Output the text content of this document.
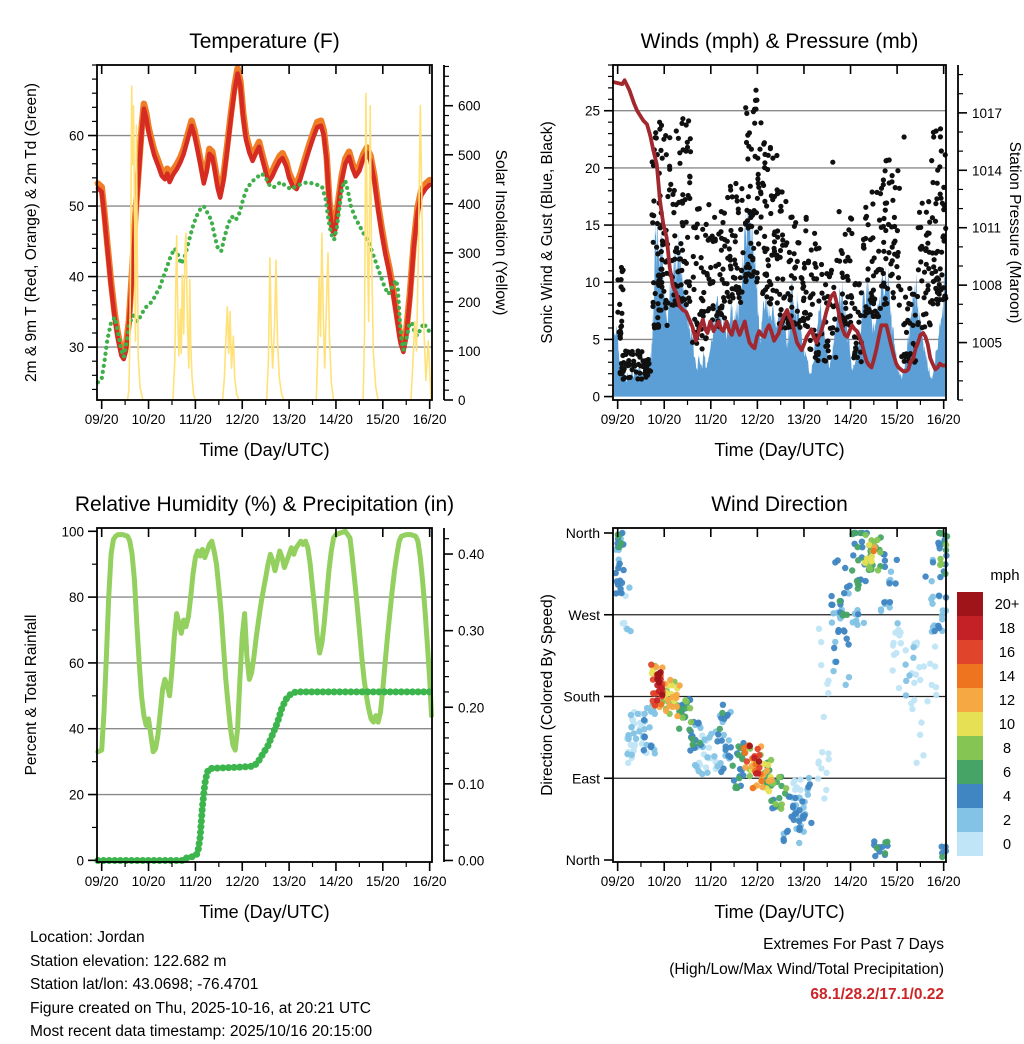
09/20 10/20 11/20 12/20 13/20 14/20 15/20 16/20
Time (Day/UTC)
Temperature (F)
30
40
50
60
2m & 9m T (Red, Orange) & 2m Td (Green)
0
100
200
300
400
500
600
Solar Insolation (Yellow)
09/20 10/20 11/20 12/20 13/20 14/20 15/20 16/20
Time (Day/UTC)
Winds (mph) & Pressure (mb)
0
5
10
15
20
25
Sonic Wind & Gust (Blue, Black)	1005
1008
1011
1014
1017
Station Pressure (Maroon)
09/20 10/20 11/20 12/20 13/20 14/20 15/20 16/20
Time (Day/UTC)
Relative Humidity (%) & Precipitation (in)
0
20
40
60
80
100
Percent & Total Rainfall
0.00
0.10
0.20
0.30
0.40
mph
20+
18
16
14
12
10
8
6
4
2
0
09/20 10/20 11/20 12/20 13/20 14/20 15/20 16/20
Time (Day/UTC)
Wind Direction
North
West
South
East
North
Direction (Colored By Speed)
Location: Jordan
Station elevation: 122.682 m
Station lat/lon: 43.0698; -76.4701
Figure created on Thu, 2025-10-16, at 20:21 UTC
Most recent data timestamp: 2025/10/16 20:15:00
Extremes For Past 7 Days
(High/Low/Max Wind/Total Precipitation)
68.1/28.2/17.1/0.22
